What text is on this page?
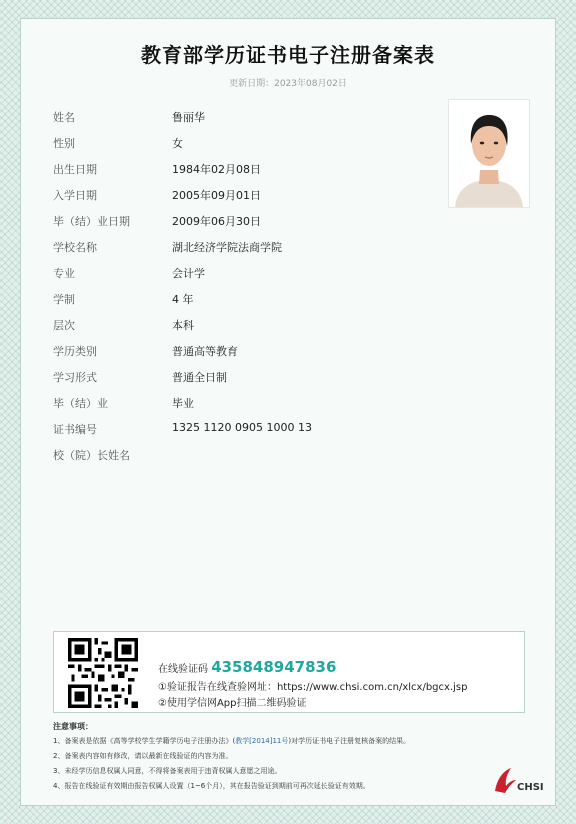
教育部学历证书电子注册备案表
更新日期：2023年08月02日
姓名	鲁丽华
性别	女
出生日期	1984年02月08日
入学日期	2005年09月01日
毕（结）业日期	2009年06月30日
学校名称	湖北经济学院法商学院
专业	会计学
学制	4 年
层次	本科
学历类别	普通高等教育
学习形式	普通全日制
毕（结）业	毕业
证书编号	1325 1120 0905 1000 13
校（院）长姓名
在线验证码 435848947836
①验证报告在线查验网址：https://www.chsi.com.cn/xlcx/bgcx.jsp
②使用学信网App扫描二维码验证
注意事项：
1、备案表是依据《高等学校学生学籍学历电子注册办法》(教学[2014]11号)对学历证书电子注册复核备案的结果。
2、备案表内容如有修改，请以最新在线验证的内容为准。
3、未经学历信息权属人同意，不得将备案表用于违背权属人意愿之用途。
4、报告在线验证有效期由报告权属人设置（1~6个月），其在报告验证到期前可再次延长验证有效期。	CHSI
